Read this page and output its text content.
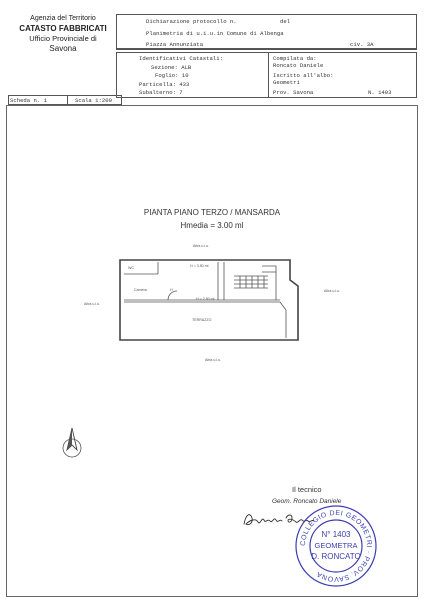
Agenzia del Territorio
CATASTO FABBRICATI
Ufficio Provinciale di
Savona
Dichiarazione protocollo n.	del
Planimetria di u.i.u.in Comune di Albenga
Piazza Annunziata	civ. 3A
Identificativi Catastali:
Sezione: ALB
Foglio: 10
Particella: 433
Subalterno: 7
Compilata da:
Roncato Daniele
Iscritto all'albo:
Geometri
Prov. Savona	N. 1403
Scheda n. 1	Scala 1:200
PIANTA PIANO TERZO / MANSARDA
Hmedia = 3.00 ml
Altra u.i.u.
Altra u.i.u.
Altra u.i.u.
Altra u.i.u.
WC
Camera
TERRAZZO
H = 3.50 ml
H = 2.50 ml
H
Il tecnico
Geom. Roncato Daniele
COLLEGIO DEI GEOMETRI · PROV. SAVONA
N° 1403
GEOMETRA
D. RONCATO
